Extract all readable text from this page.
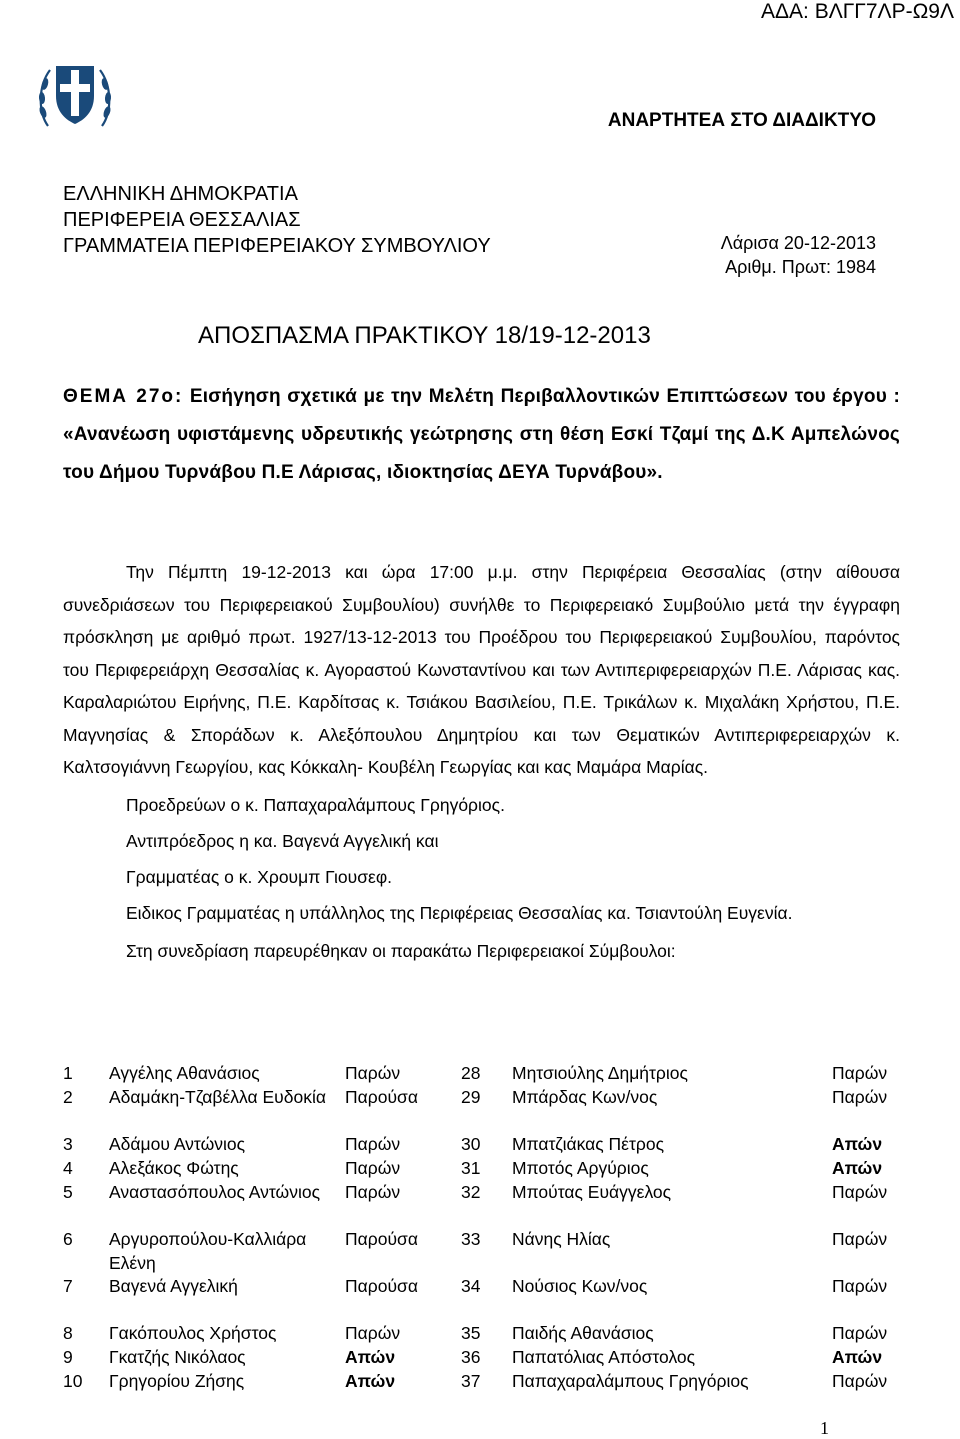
ΑΔΑ: ΒΛΓΓ7ΛΡ-Ω9Λ
ΑΝΑΡΤΗΤΕΑ ΣΤΟ ΔΙΑΔΙΚΤΥΟ
ΕΛΛΗΝΙΚΗ ΔΗΜΟΚΡΑΤΙΑ
ΠΕΡΙΦΕΡΕΙΑ ΘΕΣΣΑΛΙΑΣ
ΓΡΑΜΜΑΤΕΙΑ ΠΕΡΙΦΕΡΕΙΑΚΟΥ ΣΥΜΒΟΥΛΙΟΥ	Λάρισα 20-12-2013
Αριθμ. Πρωτ: 1984
ΑΠΟΣΠΑΣΜΑ ΠΡΑΚΤΙΚΟΥ 18/19-12-2013
ΘΕΜΑ 27ο: Εισήγηση σχετικά με την Μελέτη Περιβαλλοντικών Επιπτώσεων του έργου : «Ανανέωση υφιστάμενης υδρευτικής γεώτρησης στη θέση Εσκί Τζαμί της Δ.Κ Αμπελώνος του Δήμου Τυρνάβου Π.Ε Λάρισας, ιδιοκτησίας ΔΕΥΑ Τυρνάβου».

Την Πέμπτη 19-12-2013 και ώρα 17:00 μ.μ. στην Περιφέρεια Θεσσαλίας (στην αίθουσα συνεδριάσεων του Περιφερειακού Συμβουλίου) συνήλθε το Περιφερειακό Συμβούλιο μετά την έγγραφη πρόσκληση με αριθμό πρωτ. 1927/13-12-2013 του Προέδρου του Περιφερειακού Συμβουλίου, παρόντος του Περιφερειάρχη Θεσσαλίας κ. Αγοραστού Κωνσταντίνου και των Αντιπεριφερειαρχών Π.Ε. Λάρισας κας. Καραλαριώτου Ειρήνης, Π.Ε. Καρδίτσας κ. Τσιάκου Βασιλείου, Π.Ε. Τρικάλων κ. Μιχαλάκη Χρήστου, Π.Ε. Μαγνησίας & Σποράδων κ. Αλεξόπουλου Δημητρίου και των Θεματικών Αντιπεριφερειαρχών κ. Καλτσογιάννη Γεωργίου, κας Κόκκαλη- Κουβέλη Γεωργίας και κας Μαμάρα Μαρίας.

Προεδρεύων ο κ. Παπαχαραλάμπους Γρηγόριος.

Αντιπρόεδρος η κα. Βαγενά Αγγελική και

Γραμματέας ο κ. Χρουμπ Γιουσεφ.

Ειδικος Γραμματέας η υπάλληλος της Περιφέρειας Θεσσαλίας κα. Τσιαντούλη Ευγενία.

Στη συνεδρίαση παρευρέθηκαν οι παρακάτω Περιφερειακοί Σύμβουλοι:

1 Αγγέλης Αθανάσιος	Παρών	28 Μητσιούλης Δημήτριος	Παρών
2 Αδαμάκη-Τζαβέλλα Ευδοκία	Παρούσα 29 Μπάρδας Κων/νος	Παρών
3 Αδάμου Αντώνιος	Παρών	30 Μπατζιάκας Πέτρος	Απών
4 Αλεξάκος Φώτης	Παρών	31 Μποτός Αργύριος	Απών
5 Αναστασόπουλος Αντώνιος	Παρών	32 Μπούτας Ευάγγελος	Παρών
6 Αργυροπούλου-Καλλιάρα Ελένη
Παρούσα 33 Νάνης Ηλίας	Παρών
7 Βαγενά Αγγελική	Παρούσα 34 Νούσιος Κων/νος	Παρών
8 Γακόπουλος Χρήστος	Παρών	35 Παιδής Αθανάσιος	Παρών
9 Γκατζής Νικόλαος	Απών	36 Παπατόλιας Απόστολος	Απών
10 Γρηγορίου Ζήσης	Απών	37 Παπαχαραλάμπους Γρηγόριος	Παρών
1
